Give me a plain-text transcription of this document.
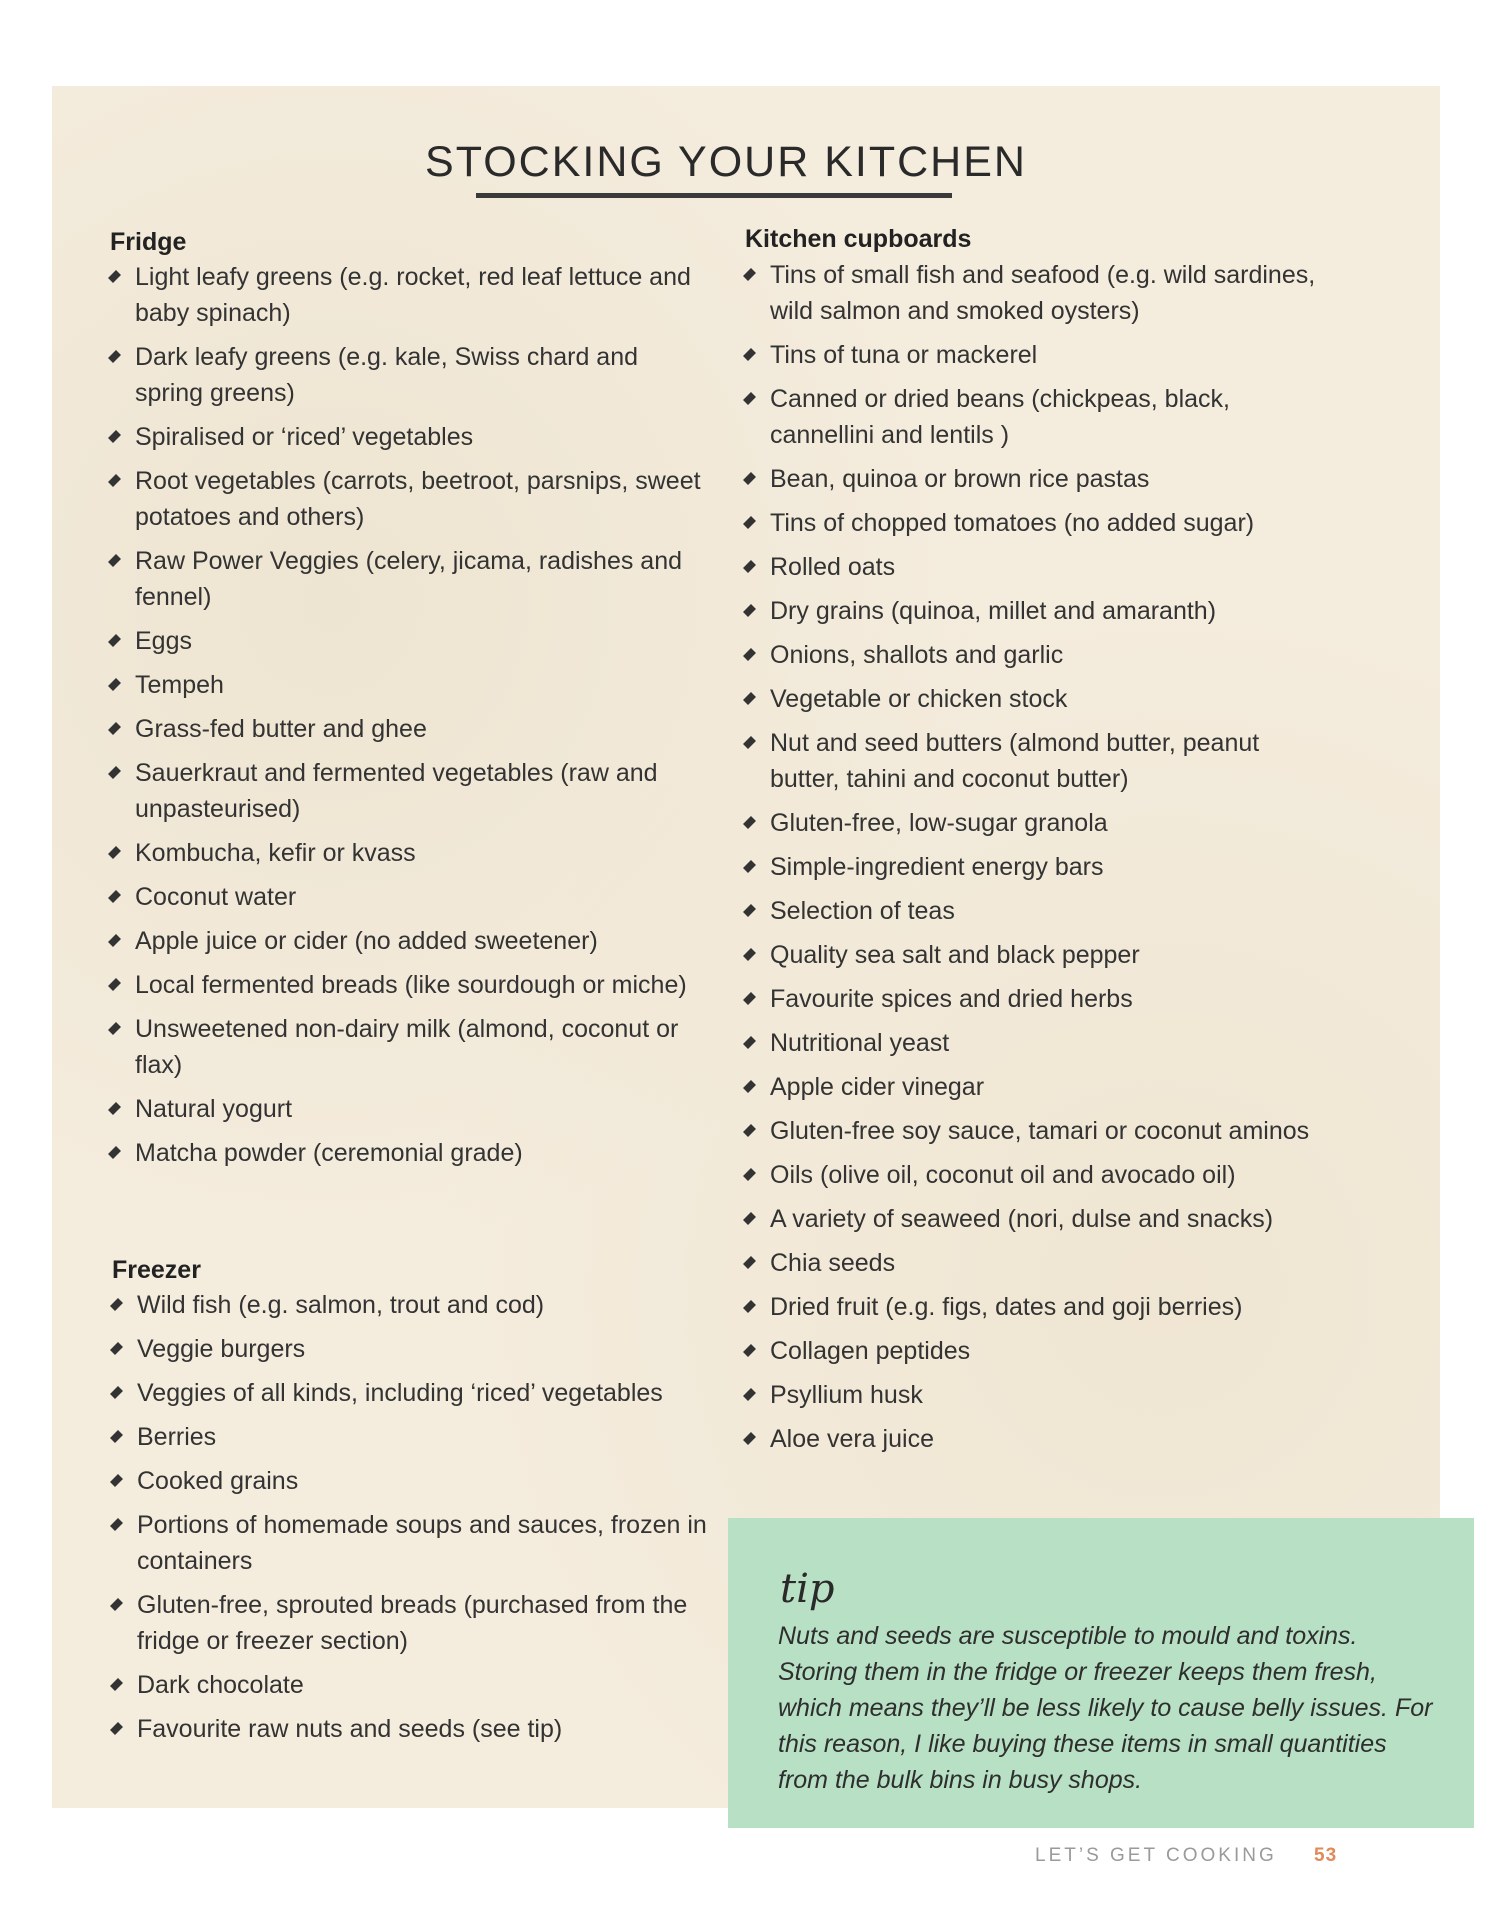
STOCKING YOUR KITCHEN
Fridge
Light leafy greens (e.g. rocket, red leaf lettuce and baby spinach)
Dark leafy greens (e.g. kale, Swiss chard and spring greens)
Spiralised or ‘riced’ vegetables
Root vegetables (carrots, beetroot, parsnips, sweet potatoes and others)
Raw Power Veggies (celery, jicama, radishes and fennel)
Eggs
Tempeh
Grass-fed butter and ghee
Sauerkraut and fermented vegetables (raw and unpasteurised)
Kombucha, kefir or kvass
Coconut water
Apple juice or cider (no added sweetener)
Local fermented breads (like sourdough or miche)
Unsweetened non-dairy milk (almond, coconut or flax)
Natural yogurt
Matcha powder (ceremonial grade)
Freezer
Wild fish (e.g. salmon, trout and cod)
Veggie burgers
Veggies of all kinds, including ‘riced’ vegetables
Berries
Cooked grains
Portions of homemade soups and sauces, frozen in containers
Gluten-free, sprouted breads (purchased from the fridge or freezer section)
Dark chocolate
Favourite raw nuts and seeds (see tip)
Kitchen cupboards
Tins of small fish and seafood (e.g. wild sardines, wild salmon and smoked oysters)
Tins of tuna or mackerel
Canned or dried beans (chickpeas, black, cannellini and lentils )
Bean, quinoa or brown rice pastas
Tins of chopped tomatoes (no added sugar)
Rolled oats
Dry grains (quinoa, millet and amaranth)
Onions, shallots and garlic
Vegetable or chicken stock
Nut and seed butters (almond butter, peanut butter, tahini and coconut butter)
Gluten-free, low-sugar granola
Simple-ingredient energy bars
Selection of teas
Quality sea salt and black pepper
Favourite spices and dried herbs
Nutritional yeast
Apple cider vinegar
Gluten-free soy sauce, tamari or coconut aminos
Oils (olive oil, coconut oil and avocado oil)
A variety of seaweed (nori, dulse and snacks)
Chia seeds
Dried fruit (e.g. figs, dates and goji berries)
Collagen peptides
Psyllium husk
Aloe vera juice

tip

Nuts and seeds are susceptible to mould and toxins. Storing them in the fridge or freezer keeps them fresh, which means they’ll be less likely to cause belly issues. For this reason, I like buying these items in small quantities from the bulk bins in busy shops.

LET’S GET COOKING 53
